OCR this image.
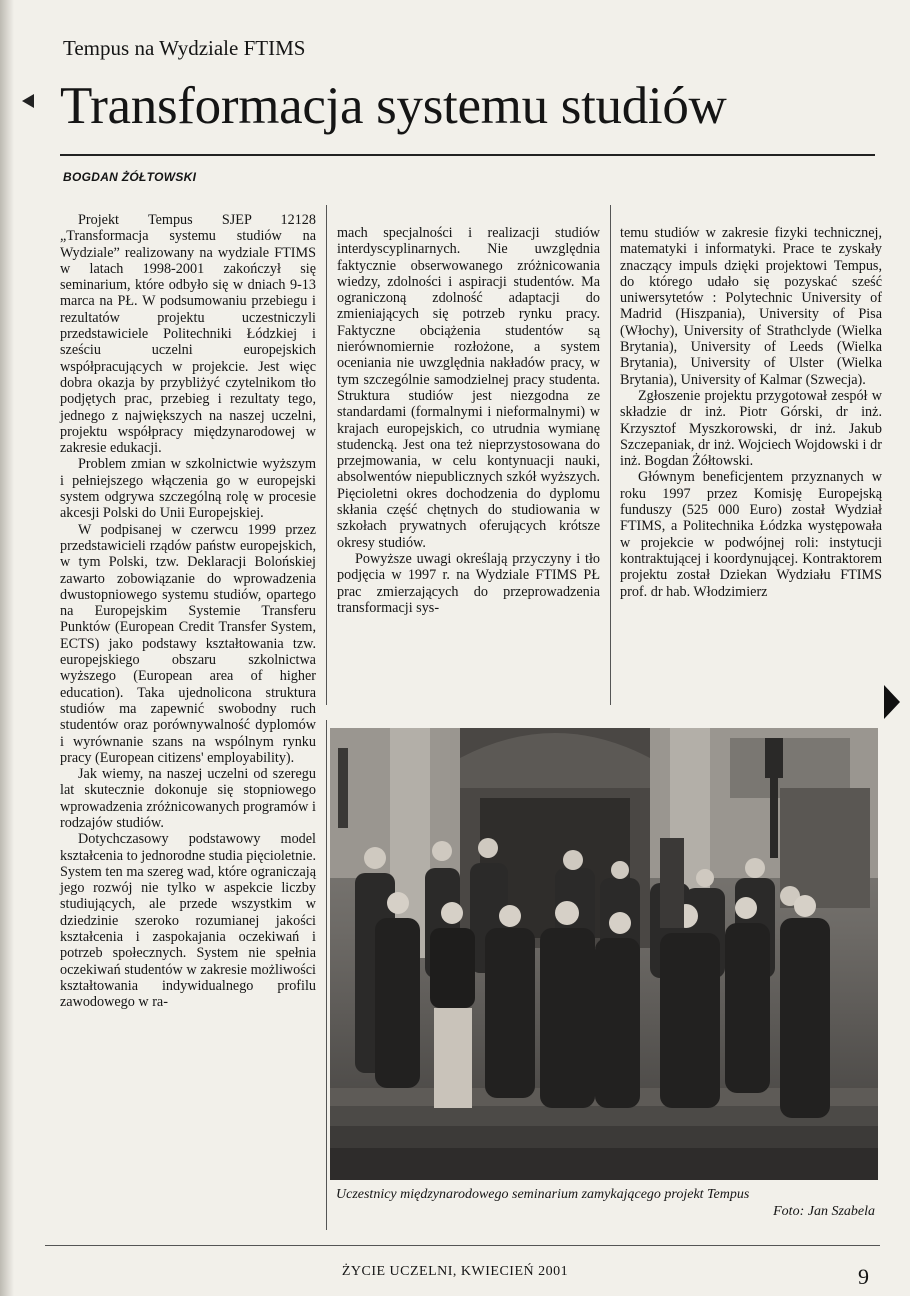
Tempus na Wydziale FTIMS
Transformacja systemu studiów
BOGDAN ŻÓŁTOWSKI

Projekt Tempus SJEP 12128 „Transformacja systemu studiów na Wydziale” realizowany na wydziale FTIMS w latach 1998-2001 zakończył się seminarium, które odbyło się w dniach 9-13 marca na PŁ. W podsumowaniu przebiegu i rezultatów projektu uczestniczyli przedstawiciele Politechniki Łódzkiej i sześciu uczelni europejskich współpracujących w projekcie. Jest więc dobra okazja by przybliżyć czytelnikom tło podjętych prac, przebieg i rezultaty tego, jednego z największych na naszej uczelni, projektu współpracy międzynarodowej w zakresie edukacji.

Problem zmian w szkolnictwie wyższym i pełniejszego włączenia go w europejski system odgrywa szczególną rolę w procesie akcesji Polski do Unii Europejskiej.

W podpisanej w czerwcu 1999 przez przedstawicieli rządów państw europejskich, w tym Polski, tzw. Deklaracji Bolońskiej zawarto zobowiązanie do wprowadzenia dwustopniowego systemu studiów, opartego na Europejskim Systemie Transferu Punktów (European Credit Transfer System, ECTS) jako podstawy kształtowania tzw. europejskiego obszaru szkolnictwa wyższego (European area of higher education). Taka ujednolicona struktura studiów ma zapewnić swobodny ruch studentów oraz porównywalność dyplomów i wyrównanie szans na wspólnym rynku pracy (European citizens' employability).

Jak wiemy, na naszej uczelni od szeregu lat skutecznie dokonuje się stopniowego wprowadzenia zróżnicowanych programów i rodzajów studiów.

Dotychczasowy podstawowy model kształcenia to jednorodne studia pięcioletnie. System ten ma szereg wad, które ograniczają jego rozwój nie tylko w aspekcie liczby studiujących, ale przede wszystkim w dziedzinie szeroko rozumianej jakości kształcenia i zaspokajania oczekiwań i potrzeb społecznych. System nie spełnia oczekiwań studentów w zakresie możliwości kształtowania indywidualnego profilu zawodowego w ra-

mach specjalności i realizacji studiów interdyscyplinarnych. Nie uwzględnia faktycznie obserwowanego zróżnicowania wiedzy, zdolności i aspiracji studentów. Ma ograniczoną zdolność adaptacji do zmieniających się potrzeb rynku pracy. Faktyczne obciążenia studentów są nierównomiernie rozłożone, a system oceniania nie uwzględnia nakładów pracy, w tym szczególnie samodzielnej pracy studenta. Struktura studiów jest niezgodna ze standardami (formalnymi i nieformalnymi) w krajach europejskich, co utrudnia wymianę studencką. Jest ona też nieprzystosowana do przejmowania, w celu kontynuacji nauki, absolwentów niepublicznych szkół wyższych. Pięcioletni okres dochodzenia do dyplomu skłania część chętnych do studiowania w szkołach prywatnych oferujących krótsze okresy studiów.

Powyższe uwagi określają przyczyny i tło podjęcia w 1997 r. na Wydziale FTIMS PŁ prac zmierzających do przeprowadzenia transformacji sys-

temu studiów w zakresie fizyki technicznej, matematyki i informatyki. Prace te zyskały znaczący impuls dzięki projektowi Tempus, do którego udało się pozyskać sześć uniwersytetów : Polytechnic University of Madrid (Hiszpania), University of Pisa (Włochy), University of Strathclyde (Wielka Brytania), University of Leeds (Wielka Brytania), University of Ulster (Wielka Brytania), University of Kalmar (Szwecja).

Zgłoszenie projektu przygotował zespół w składzie dr inż. Piotr Górski, dr inż. Krzysztof Myszkorowski, dr inż. Jakub Szczepaniak, dr inż. Wojciech Wojdowski i dr inż. Bogdan Żółtowski.

Głównym beneficjentem przyznanych w roku 1997 przez Komisję Europejską funduszy (525 000 Euro) został Wydział FTIMS, a Politechnika Łódzka występowała w projekcie w podwójnej roli: instytucji kontraktującej i koordynującej. Kontraktorem projektu został Dziekan Wydziału FTIMS prof. dr hab. Włodzimierz

Uczestnicy międzynarodowego seminarium zamykającego projekt Tempus
Foto: Jan Szabela
ŻYCIE UCZELNI, KWIECIEŃ 2001	9
